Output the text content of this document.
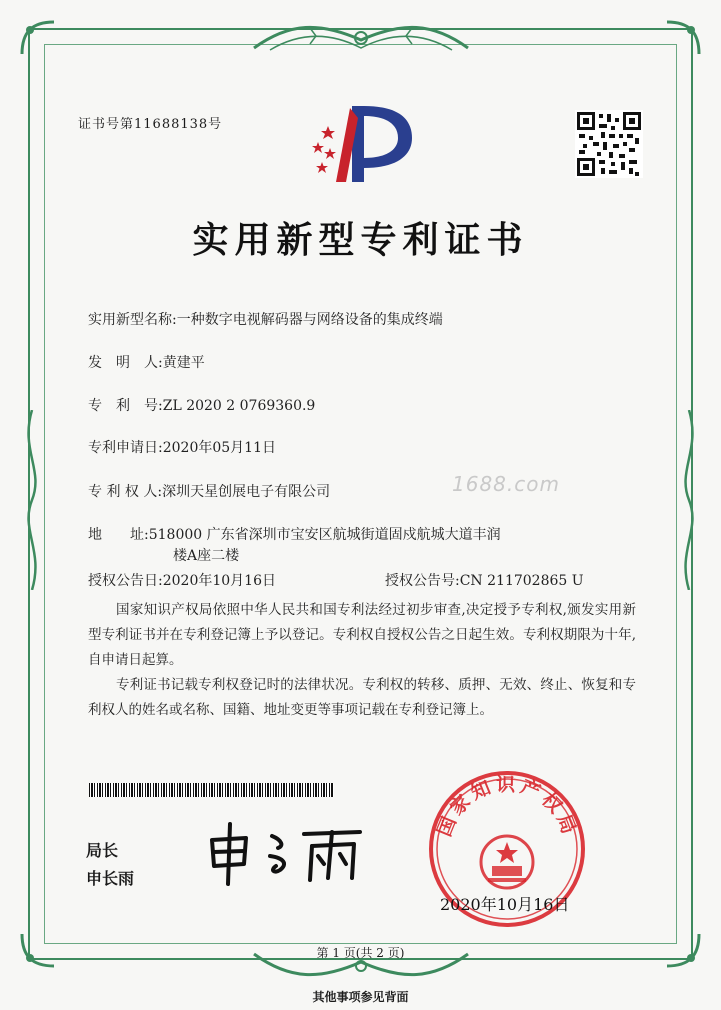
证书号第11688138号
实用新型专利证书
实用新型名称:一种数字电视解码器与网络设备的集成终端
发　明　人:黄建平
专　利　号:ZL 2020 2 0769360.9
专利申请日:2020年05月11日
专 利 权 人:深圳天星创展电子有限公司	1688.com
地　　址:518000 广东省深圳市宝安区航城街道固戍航城大道丰润
楼A座二楼
授权公告日:2020年10月16日	授权公告号:CN 211702865 U

国家知识产权局依照中华人民共和国专利法经过初步审查,决定授予专利权,颁发实用新型专利证书并在专利登记簿上予以登记。专利权自授权公告之日起生效。专利权期限为十年,自申请日起算。

专利证书记载专利权登记时的法律状况。专利权的转移、质押、无效、终止、恢复和专利权人的姓名或名称、国籍、地址变更等事项记载在专利登记簿上。

局长
申长雨
国家知识产权局
2020年10月16日
第 1 页(共 2 页)
其他事项参见背面
